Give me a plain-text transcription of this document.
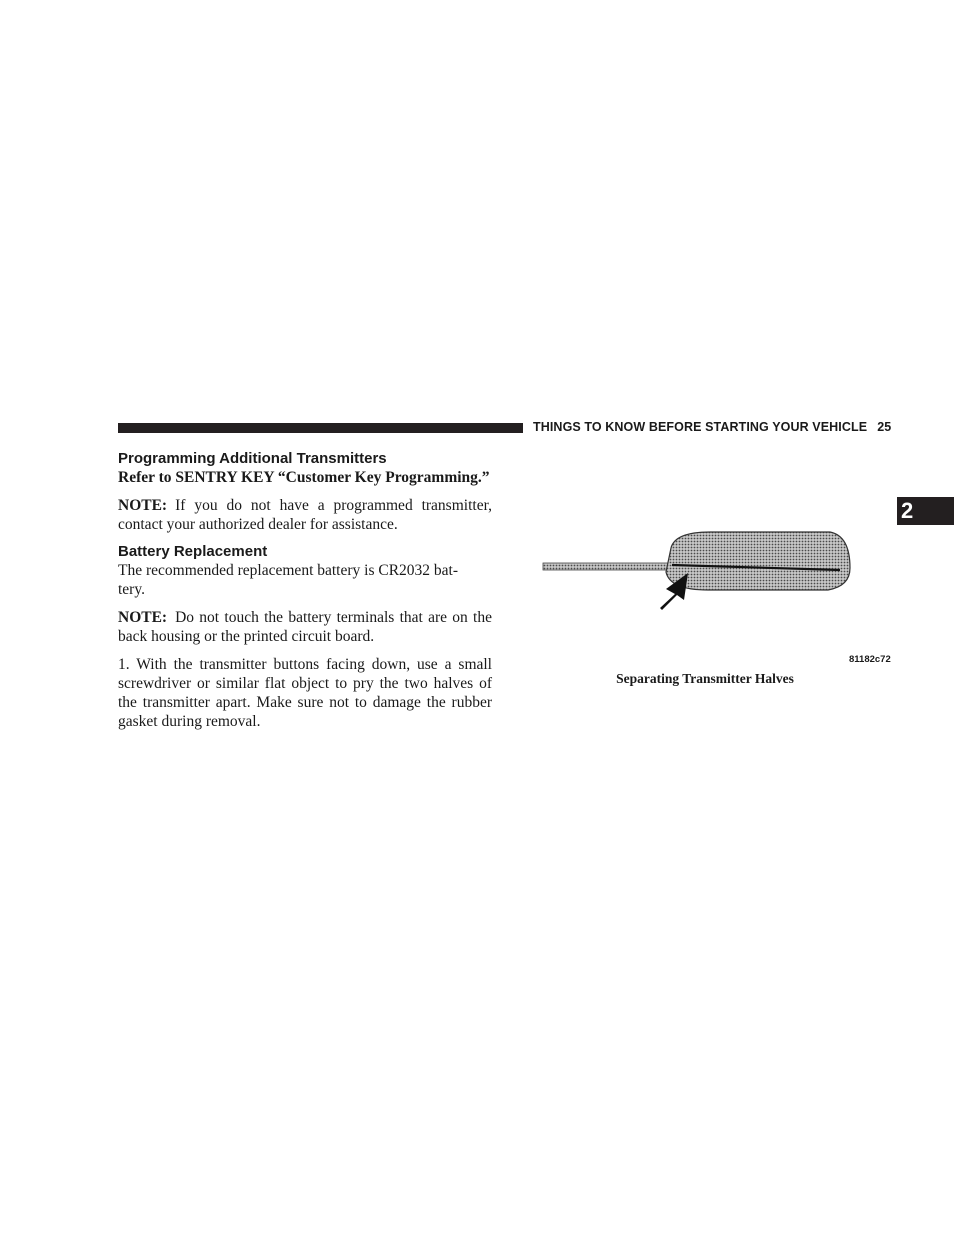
THINGS TO KNOW BEFORE STARTING YOUR VEHICLE 25
2
Programming Additional Transmitters

Refer to SENTRY KEY “Customer Key Programming.”

NOTE: If you do not have a programmed transmitter, contact your authorized dealer for assistance.

Battery Replacement

The recommended replacement battery is CR2032 bat-
tery.

NOTE: Do not touch the battery terminals that are on the back housing or the printed circuit board.

1. With the transmitter buttons facing down, use a small screwdriver or similar flat object to pry the two halves of the transmitter apart. Make sure not to damage the rubber gasket during removal.

81182c72
Separating Transmitter Halves
